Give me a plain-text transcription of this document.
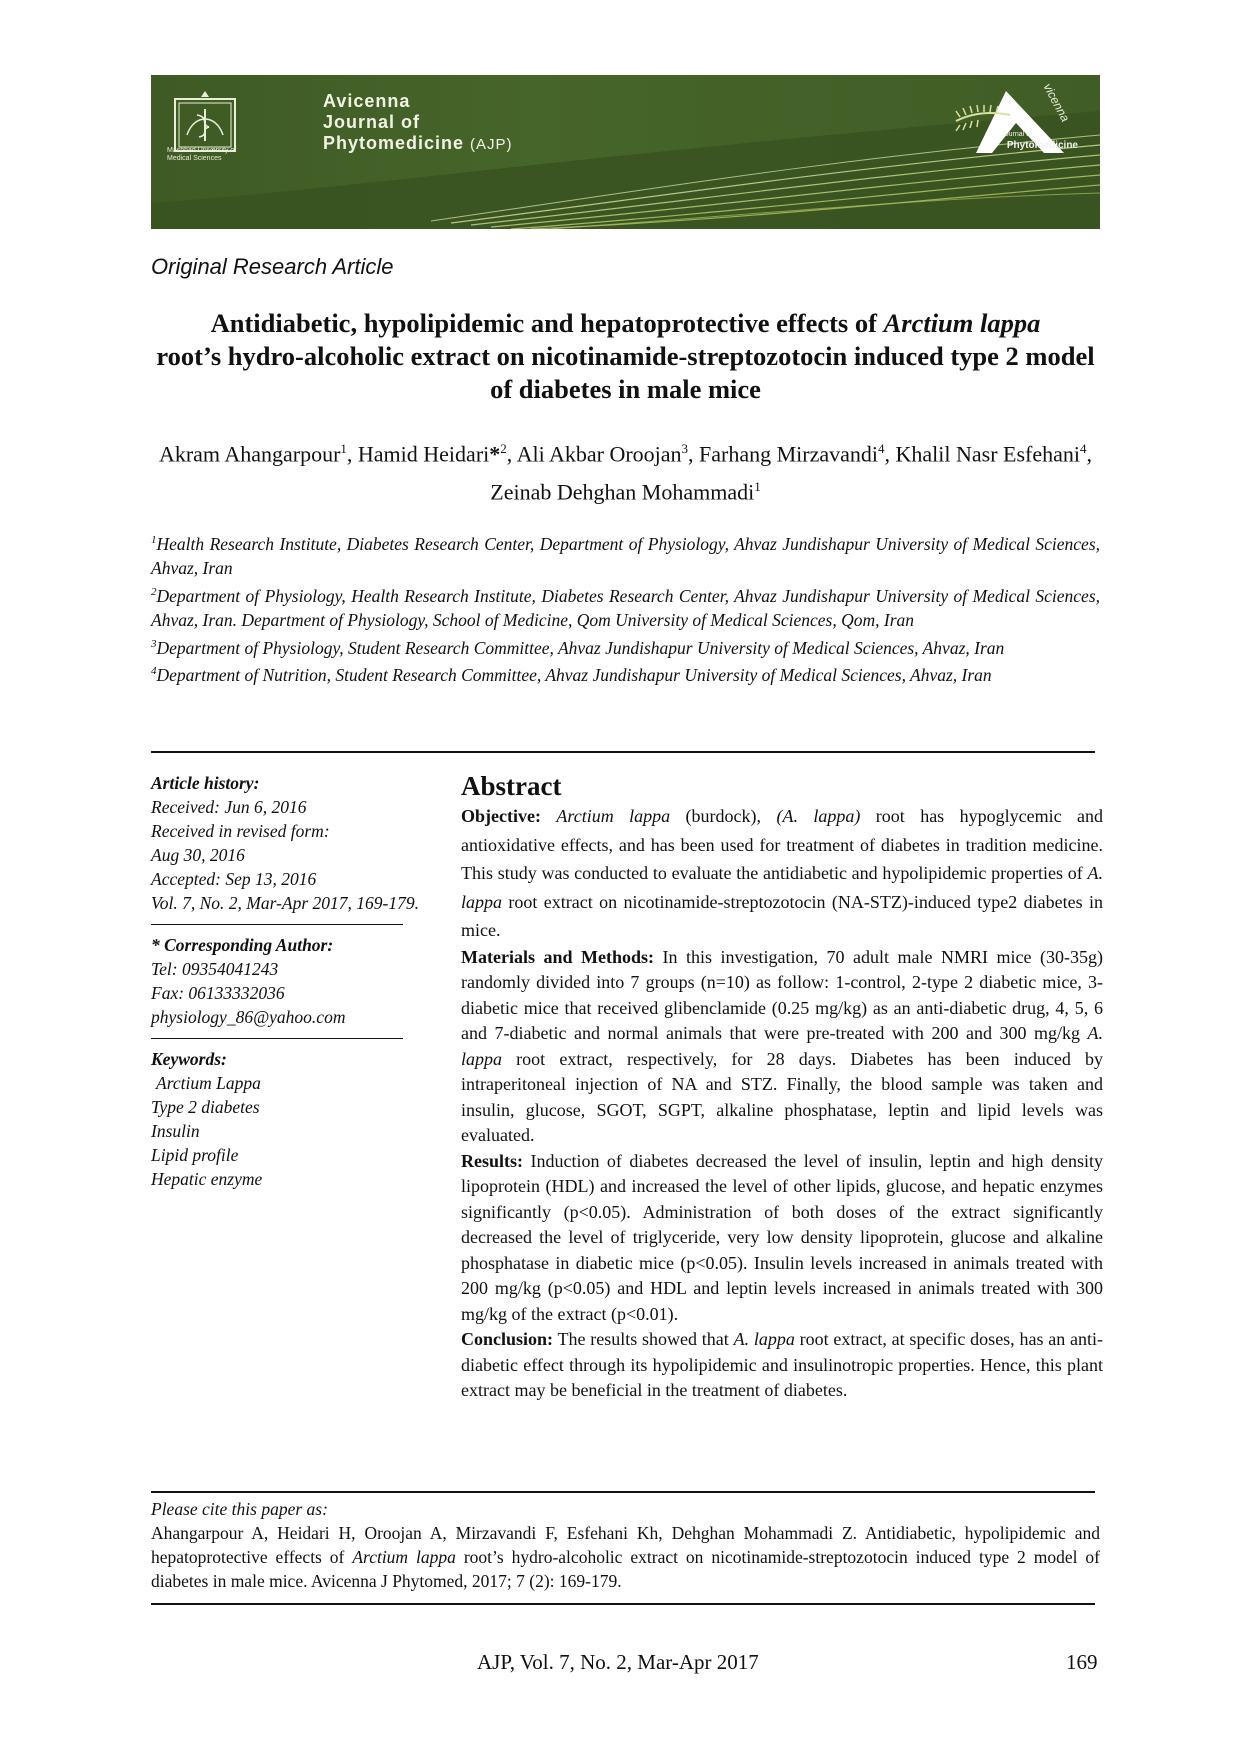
Mashhad University of Medical Sciences
Avicenna
Journal of
Phytomedicine (AJP)
vicenna
Journal of
Phytomedicine
Original Research Article
Antidiabetic, hypolipidemic and hepatoprotective effects of Arctium lappa
root’s hydro-alcoholic extract on nicotinamide-streptozotocin induced type 2 model of diabetes in male mice
Akram Ahangarpour$^1$, Hamid Heidari*$^2$, Ali Akbar Oroojan$^3$, Farhang Mirzavandi$^4$, Khalil Nasr Esfehani$^4$, Zeinab Dehghan Mohammadi$^1$
$^1$Health Research Institute, Diabetes Research Center, Department of Physiology, Ahvaz Jundishapur University of Medical Sciences, Ahvaz, Iran
$^2$Department of Physiology, Health Research Institute, Diabetes Research Center, Ahvaz Jundishapur University of Medical Sciences, Ahvaz, Iran. Department of Physiology, School of Medicine, Qom University of Medical Sciences, Qom, Iran
$^3$Department of Physiology, Student Research Committee, Ahvaz Jundishapur University of Medical Sciences, Ahvaz, Iran
$^4$Department of Nutrition, Student Research Committee, Ahvaz Jundishapur University of Medical Sciences, Ahvaz, Iran
Article history:
Received: Jun 6, 2016
Received in revised form:
Aug 30, 2016
Accepted: Sep 13, 2016
Vol. 7, No. 2, Mar-Apr 2017, 169-179.
* Corresponding Author:
Tel: 09354041243
Fax: 06133332036
physiology_86@yahoo.com
Keywords:
Arctium Lappa
Type 2 diabetes
Insulin
Lipid profile
Hepatic enzyme
Abstract

Objective: Arctium lappa (burdock), (A. lappa) root has hypoglycemic and antioxidative effects, and has been used for treatment of diabetes in tradition medicine. This study was conducted to evaluate the antidiabetic and hypolipidemic properties of A. lappa root extract on nicotinamide-streptozotocin (NA-STZ)-induced type2 diabetes in mice.

Materials and Methods: In this investigation, 70 adult male NMRI mice (30-35g) randomly divided into 7 groups (n=10) as follow: 1-control, 2-type 2 diabetic mice, 3-diabetic mice that received glibenclamide (0.25 mg/kg) as an anti-diabetic drug, 4, 5, 6 and 7-diabetic and normal animals that were pre-treated with 200 and 300 mg/kg A. lappa root extract, respectively, for 28 days. Diabetes has been induced by intraperitoneal injection of NA and STZ. Finally, the blood sample was taken and insulin, glucose, SGOT, SGPT, alkaline phosphatase, leptin and lipid levels was evaluated.

Results: Induction of diabetes decreased the level of insulin, leptin and high density lipoprotein (HDL) and increased the level of other lipids, glucose, and hepatic enzymes significantly (p<0.05). Administration of both doses of the extract significantly decreased the level of triglyceride, very low density lipoprotein, glucose and alkaline phosphatase in diabetic mice (p<0.05). Insulin levels increased in animals treated with 200 mg/kg (p<0.05) and HDL and leptin levels increased in animals treated with 300 mg/kg of the extract (p<0.01).

Conclusion: The results showed that A. lappa root extract, at specific doses, has an anti-diabetic effect through its hypolipidemic and insulinotropic properties. Hence, this plant extract may be beneficial in the treatment of diabetes.

Please cite this paper as:
Ahangarpour A, Heidari H, Oroojan A, Mirzavandi F, Esfehani Kh, Dehghan Mohammadi Z. Antidiabetic, hypolipidemic and hepatoprotective effects of Arctium lappa root’s hydro-alcoholic extract on nicotinamide-streptozotocin induced type 2 model of diabetes in male mice. Avicenna J Phytomed, 2017; 7 (2): 169-179.
AJP, Vol. 7, No. 2, Mar-Apr 2017	169
